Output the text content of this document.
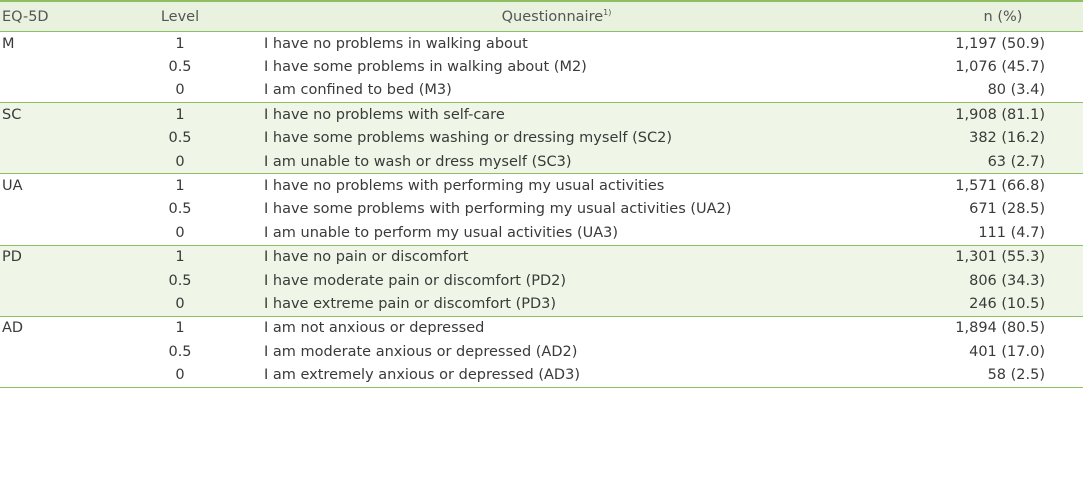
EQ-5D	Level	Questionnaire$^{1)}$	n (%)
M	1	I have no problems in walking about	1,197 (50.9)
	0.5	I have some problems in walking about (M2)	1,076 (45.7)
	0	I am confined to bed (M3)	80 (3.4)
SC	1	I have no problems with self-care	1,908 (81.1)
	0.5	I have some problems washing or dressing myself (SC2)	382 (16.2)
	0	I am unable to wash or dress myself (SC3)	63 (2.7)
UA	1	I have no problems with performing my usual activities	1,571 (66.8)
	0.5	I have some problems with performing my usual activities (UA2)	671 (28.5)
	0	I am unable to perform my usual activities (UA3)	111 (4.7)
PD	1	I have no pain or discomfort	1,301 (55.3)
	0.5	I have moderate pain or discomfort (PD2)	806 (34.3)
	0	I have extreme pain or discomfort (PD3)	246 (10.5)
AD	1	I am not anxious or depressed	1,894 (80.5)
	0.5	I am moderate anxious or depressed (AD2)	401 (17.0)
	0	I am extremely anxious or depressed (AD3)	58 (2.5)
